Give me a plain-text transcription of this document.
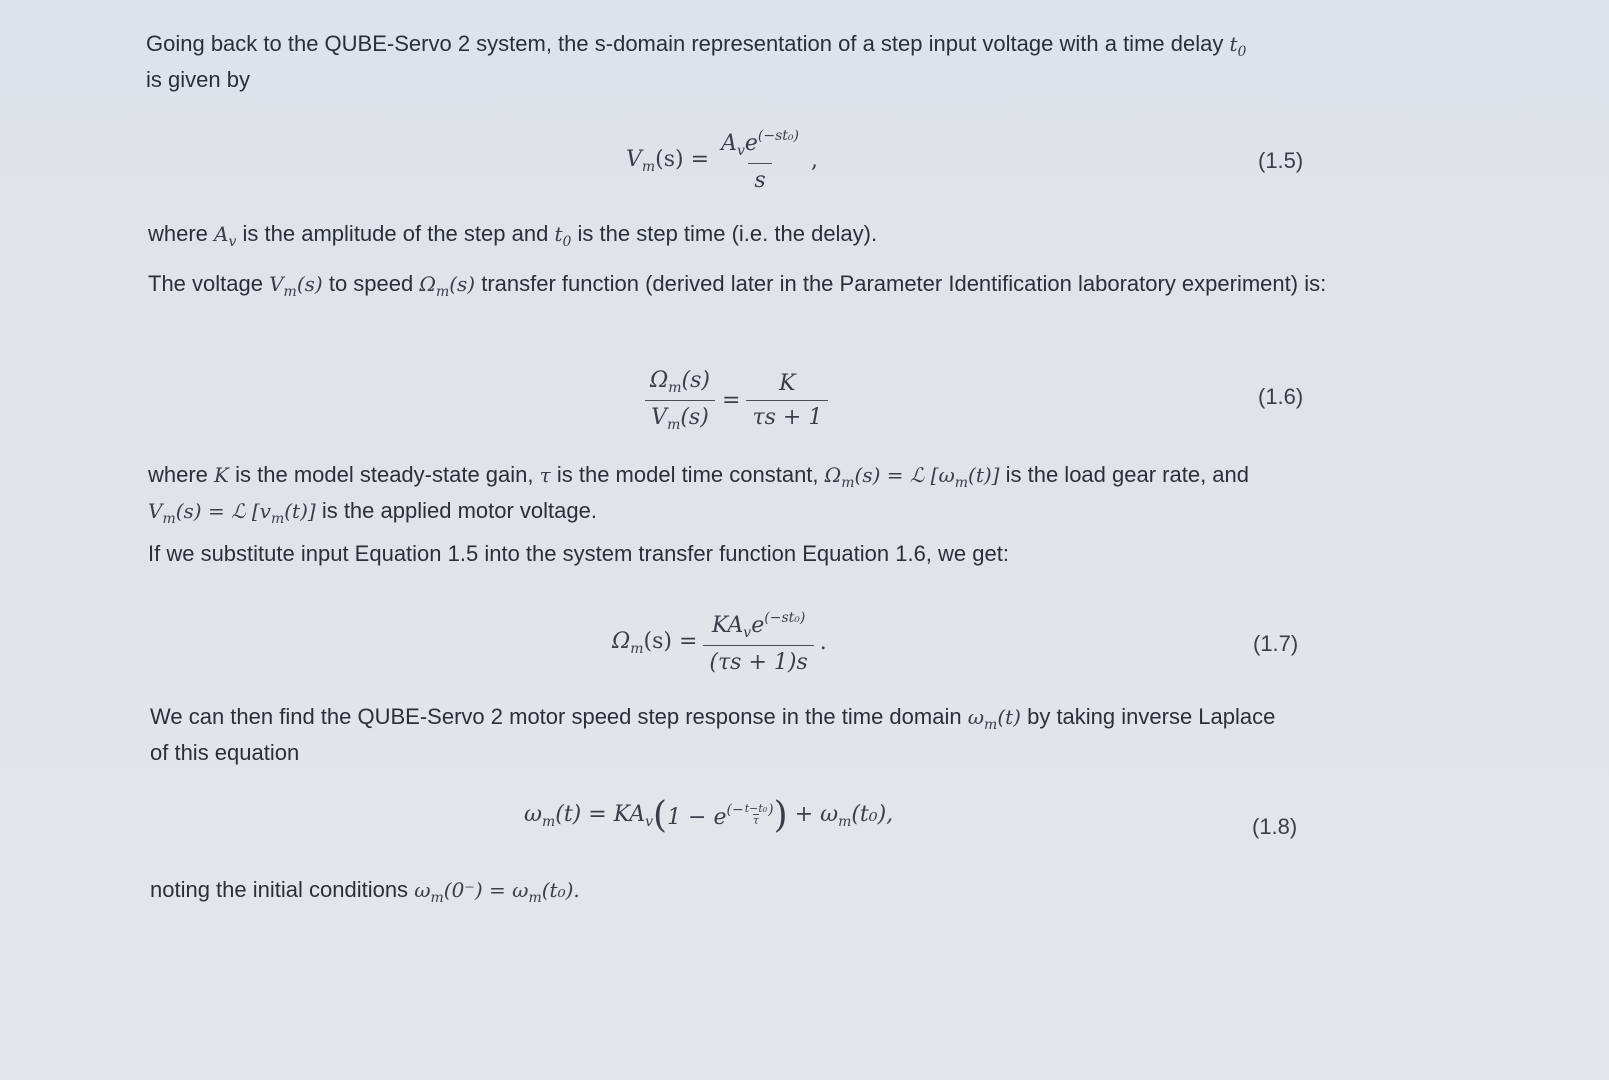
Going back to the QUBE-Servo 2 system, the s-domain representation of a step input voltage with a time delay $t_0$
is given by

$V_m(s) = \frac{A_ve^{(-st_0)}}{s}$ ,	(1.5)

where $A_v$ is the amplitude of the step and $t_0$ is the step time (i.e. the delay).

The voltage $V_m(s)$ to speed $\Omega_m(s)$ transfer function (derived later in the Parameter Identification laboratory experiment) is:

$\frac{\Omega_m(s)}{V_m(s)} = \frac{K}{\tau s + 1}$	(1.6)

where K is the model steady-state gain, τ is the model time constant, $\Omega_m(s)$ = ℒ $[\omega_m(t)]$ is the load gear rate, and
$V_m(s)$ = ℒ $[v_m(t)]$ is the applied motor voltage.

If we substitute input Equation 1.5 into the system transfer function Equation 1.6, we get:

$\Omega_m(s) = \frac{KA_ve^{(-st_0)}}{(\tau s + 1)s}$ .	(1.7)

We can then find the QUBE-Servo 2 motor speed step response in the time domain $\omega_m(t)$ by taking inverse Laplace
of this equation

$\omega_m(t) = KA_v$ ( $1 - e^{(-} \frac{\text{t−t₀}}{\tau} ^)$ ) + $\omega_m(t_0)$,	(1.8)

noting the initial conditions $\omega_m(0^-) = \omega_m(t_0)$.
